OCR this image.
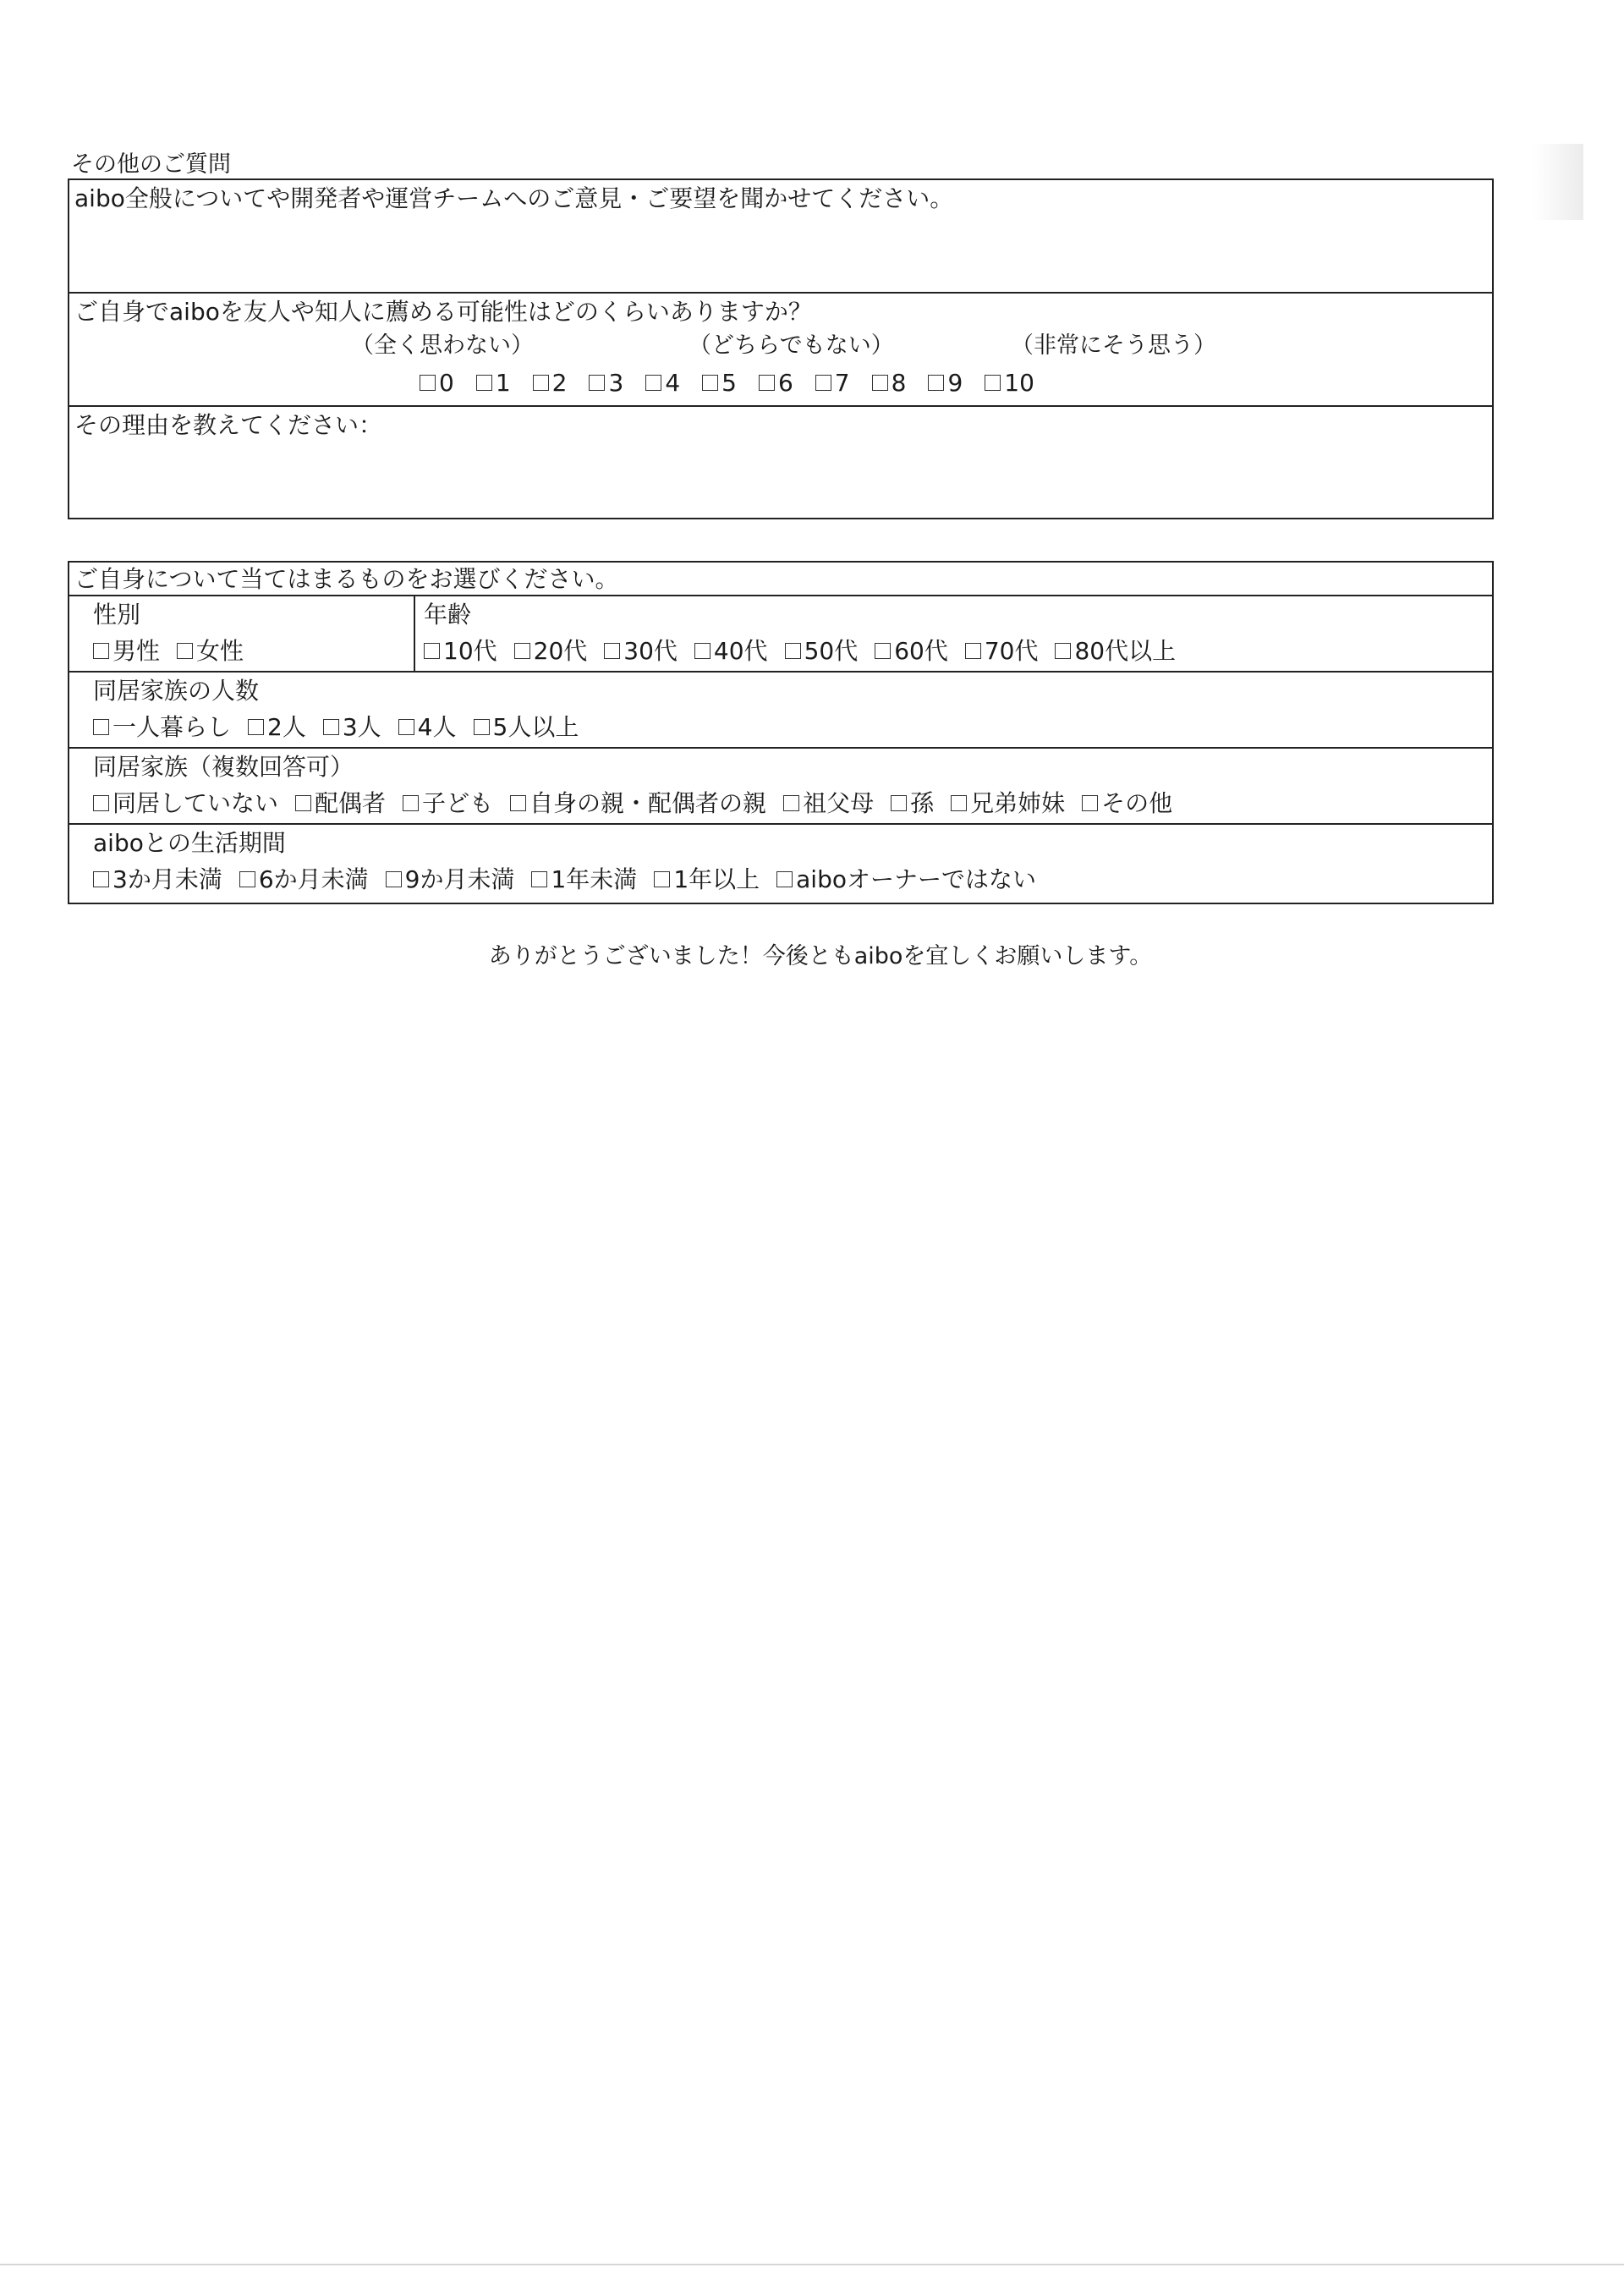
その他のご質問
aibo全般についてや開発者や運営チームへのご意見・ご要望を聞かせてください。
ご自身でaiboを友人や知人に薦める可能性はどのくらいありますか？
（全く思わない）	（どちらでもない）	（非常にそう思う）
0 1 2 3 4 5 6 7 8 9 10
その理由を教えてください：
ご自身について当てはまるものをお選びください。
性別
男性 女性
年齢
10代 20代 30代 40代 50代 60代 70代 80代以上
同居家族の人数
一人暮らし 2人 3人 4人 5人以上
同居家族（複数回答可）
同居していない 配偶者 子ども 自身の親・配偶者の親 祖父母 孫 兄弟姉妹 その他
aiboとの生活期間
3か月未満 6か月未満 9か月未満 1年未満 1年以上 aiboオーナーではない
ありがとうございました！今後ともaiboを宜しくお願いします。
